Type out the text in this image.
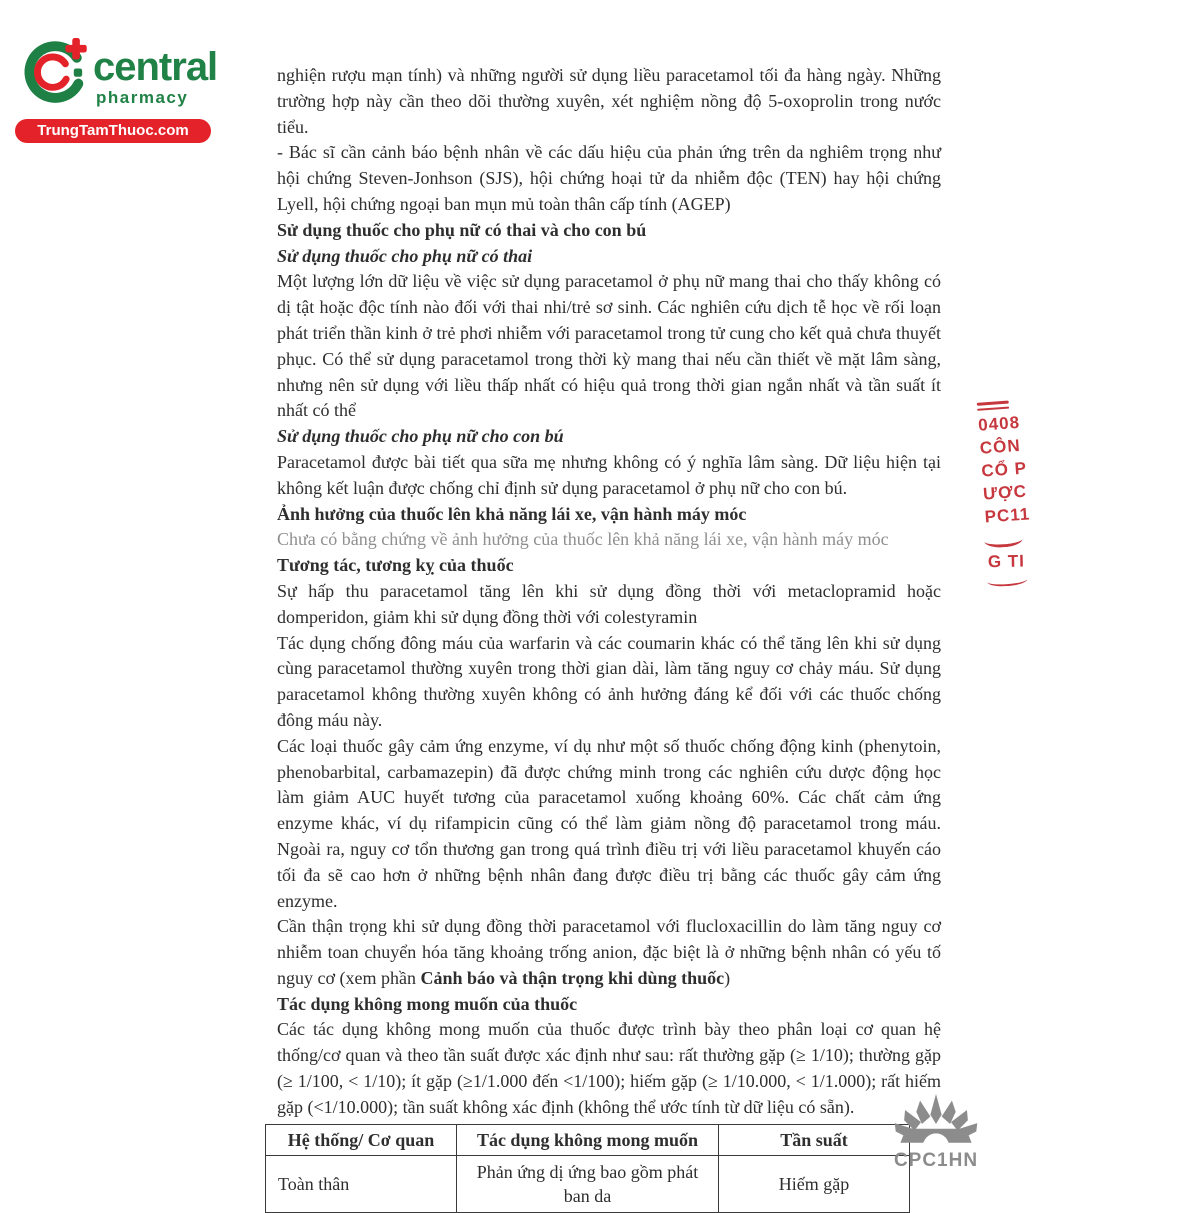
central
pharmacy
TrungTamThuoc.com

nghiện rượu mạn tính) và những người sử dụng liều paracetamol tối đa hàng ngày. Những trường hợp này cần theo dõi thường xuyên, xét nghiệm nồng độ 5-oxoprolin trong nước tiểu.

- Bác sĩ cần cảnh báo bệnh nhân về các dấu hiệu của phản ứng trên da nghiêm trọng như hội chứng Steven-Jonhson (SJS), hội chứng hoại tử da nhiễm độc (TEN) hay hội chứng Lyell, hội chứng ngoại ban mụn mủ toàn thân cấp tính (AGEP)

Sử dụng thuốc cho phụ nữ có thai và cho con bú

Sử dụng thuốc cho phụ nữ có thai

Một lượng lớn dữ liệu về việc sử dụng paracetamol ở phụ nữ mang thai cho thấy không có dị tật hoặc độc tính nào đối với thai nhi/trẻ sơ sinh. Các nghiên cứu dịch tễ học về rối loạn phát triển thần kinh ở trẻ phơi nhiễm với paracetamol trong tử cung cho kết quả chưa thuyết phục. Có thể sử dụng paracetamol trong thời kỳ mang thai nếu cần thiết về mặt lâm sàng, nhưng nên sử dụng với liều thấp nhất có hiệu quả trong thời gian ngắn nhất và tần suất ít nhất có thể

Sử dụng thuốc cho phụ nữ cho con bú

Paracetamol được bài tiết qua sữa mẹ nhưng không có ý nghĩa lâm sàng. Dữ liệu hiện tại không kết luận được chống chỉ định sử dụng paracetamol ở phụ nữ cho con bú.

Ảnh hưởng của thuốc lên khả năng lái xe, vận hành máy móc

Chưa có bằng chứng về ảnh hưởng của thuốc lên khả năng lái xe, vận hành máy móc

Tương tác, tương kỵ của thuốc

Sự hấp thu paracetamol tăng lên khi sử dụng đồng thời với metaclopramid hoặc domperidon, giảm khi sử dụng đồng thời với colestyramin

Tác dụng chống đông máu của warfarin và các coumarin khác có thể tăng lên khi sử dụng cùng paracetamol thường xuyên trong thời gian dài, làm tăng nguy cơ chảy máu. Sử dụng paracetamol không thường xuyên không có ảnh hưởng đáng kể đối với các thuốc chống đông máu này.

Các loại thuốc gây cảm ứng enzyme, ví dụ như một số thuốc chống động kinh (phenytoin, phenobarbital, carbamazepin) đã được chứng minh trong các nghiên cứu dược động học làm giảm AUC huyết tương của paracetamol xuống khoảng 60%. Các chất cảm ứng enzyme khác, ví dụ rifampicin cũng có thể làm giảm nồng độ paracetamol trong máu. Ngoài ra, nguy cơ tổn thương gan trong quá trình điều trị với liều paracetamol khuyến cáo tối đa sẽ cao hơn ở những bệnh nhân đang được điều trị bằng các thuốc gây cảm ứng enzyme.

Cần thận trọng khi sử dụng đồng thời paracetamol với flucloxacillin do làm tăng nguy cơ nhiễm toan chuyển hóa tăng khoảng trống anion, đặc biệt là ở những bệnh nhân có yếu tố nguy cơ (xem phần Cảnh báo và thận trọng khi dùng thuốc)

Tác dụng không mong muốn của thuốc

Các tác dụng không mong muốn của thuốc được trình bày theo phân loại cơ quan hệ thống/cơ quan và theo tần suất được xác định như sau: rất thường gặp (≥ 1/10); thường gặp (≥ 1/100, < 1/10); ít gặp (≥1/1.000 đến <1/100); hiếm gặp (≥ 1/10.000, < 1/1.000); rất hiếm gặp (<1/10.000); tần suất không xác định (không thể ước tính từ dữ liệu có sẵn).

Hệ thống/ Cơ quan	Tác dụng không mong muốn	Tần suất
Toàn thân	Phản ứng dị ứng bao gồm phát ban da	Hiếm gặp
0408
CÔN
CỔ P
ƯỢC
PC11
G TI
CPC1HN
